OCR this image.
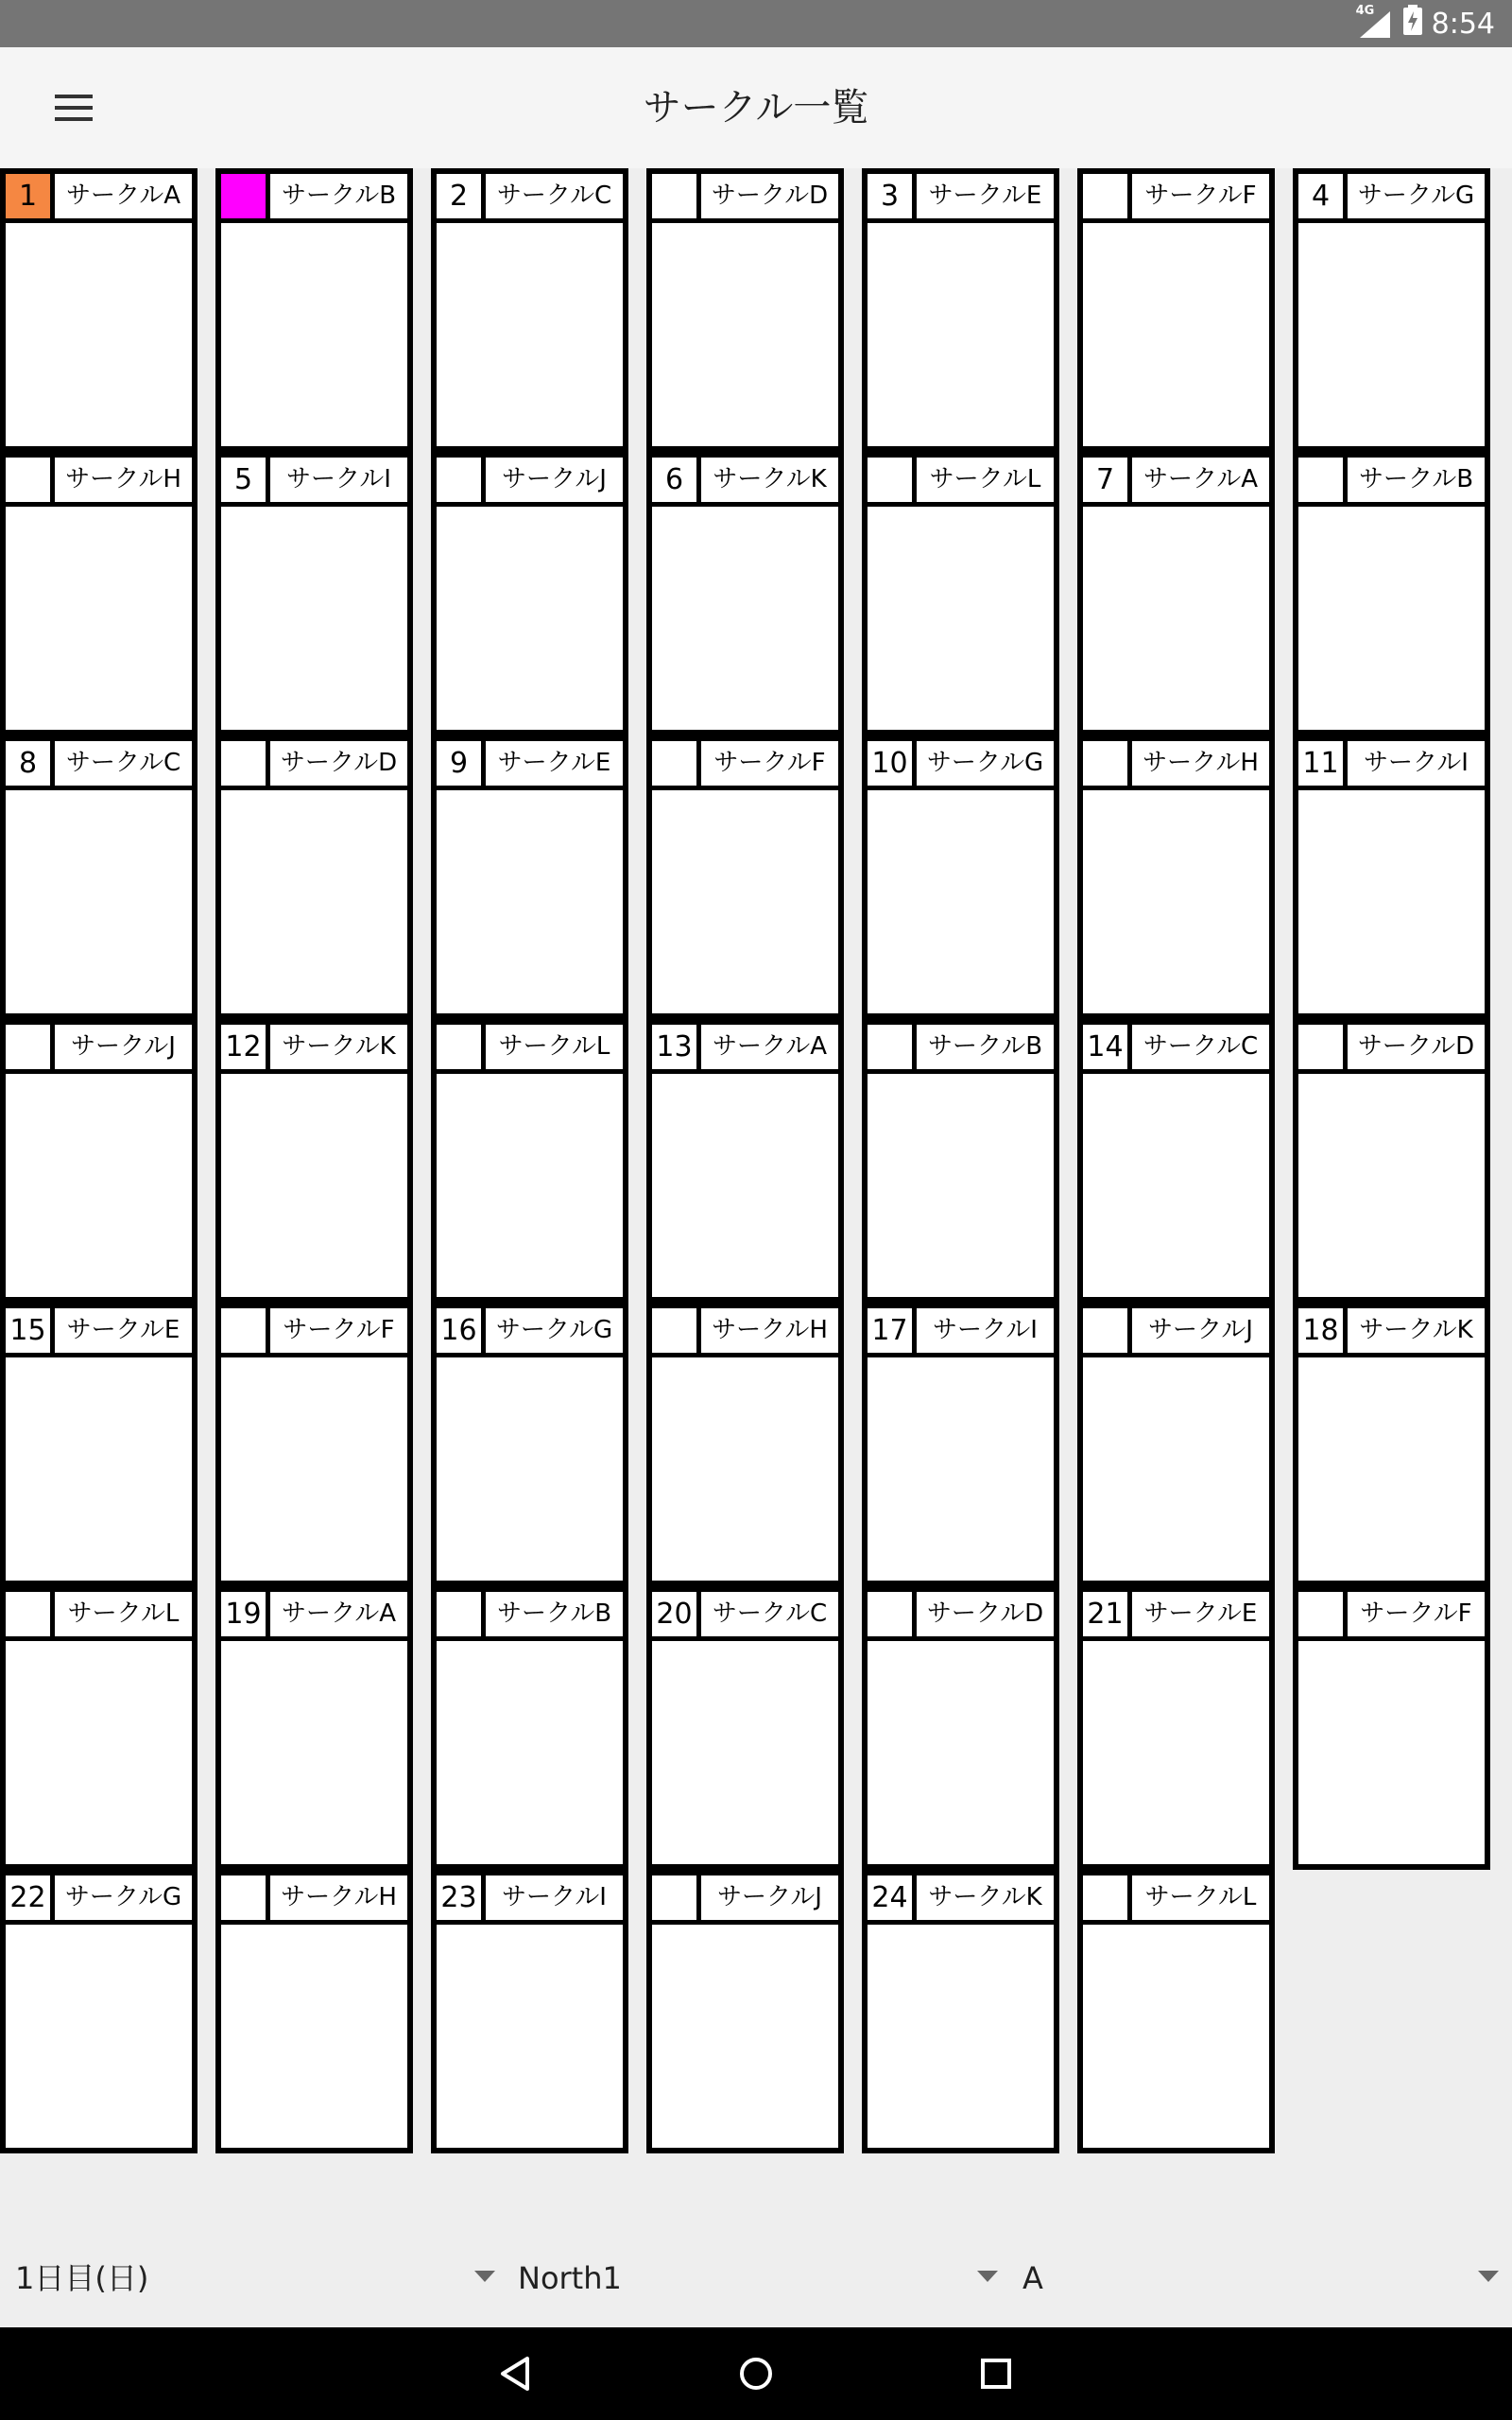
4G 8:54
サークル一覧
1	サークルA	サークルB	2	サークルC	サークルD	3	サークルE	サークルF	4	サークルG
サークルH	5	サークルI	サークルJ	6	サークルK	サークルL	7	サークルA	サークルB
8	サークルC	サークルD	9	サークルE	サークルF	10 サークルG	サークルH	11	サークルI
サークルJ	12 サークルK	サークルL	13 サークルA	サークルB	14 サークルC	サークルD
15 サークルE	サークルF	16 サークルG	サークルH	17	サークルI	サークルJ	18 サークルK
サークルL	19 サークルA	サークルB	20 サークルC	サークルD	21 サークルE	サークルF
22 サークルG	サークルH	23	サークルI	サークルJ	24 サークルK	サークルL
1日目(日)	North1	A
